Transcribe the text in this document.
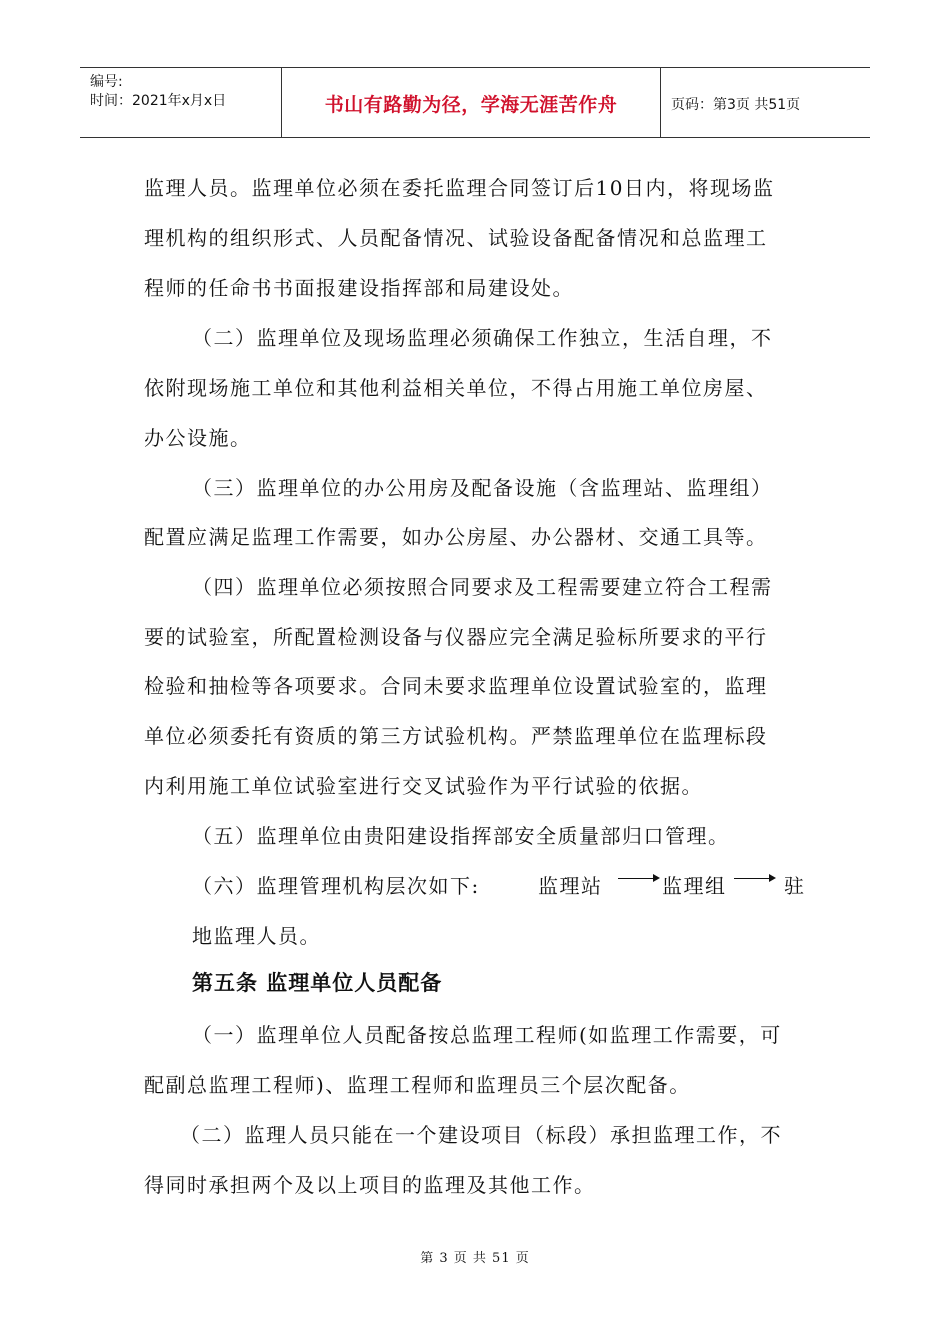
编号:
时间：2021年x月x日	书山有路勤为径，学海无涯苦作舟	页码：第3页 共51页
监理人员。监理单位必须在委托监理合同签订后10日内，将现场监
理机构的组织形式、人员配备情况、试验设备配备情况和总监理工
程师的任命书书面报建设指挥部和局建设处。
（二）监理单位及现场监理必须确保工作独立，生活自理，不
依附现场施工单位和其他利益相关单位，不得占用施工单位房屋、
办公设施。
（三）监理单位的办公用房及配备设施（含监理站、监理组）
配置应满足监理工作需要，如办公房屋、办公器材、交通工具等。
（四）监理单位必须按照合同要求及工程需要建立符合工程需
要的试验室，所配置检测设备与仪器应完全满足验标所要求的平行
检验和抽检等各项要求。合同未要求监理单位设置试验室的，监理
单位必须委托有资质的第三方试验机构。严禁监理单位在监理标段
内利用施工单位试验室进行交叉试验作为平行试验的依据。
（五）监理单位由贵阳建设指挥部安全质量部归口管理。
（六）监理管理机构层次如下:	监理站	监理组	驻
地监理人员。
第五条 监理单位人员配备
（一）监理单位人员配备按总监理工程师(如监理工作需要，可
配副总监理工程师)、监理工程师和监理员三个层次配备。
（二）监理人员只能在一个建设项目（标段）承担监理工作，不
得同时承担两个及以上项目的监理及其他工作。
第 3 页 共 51 页
